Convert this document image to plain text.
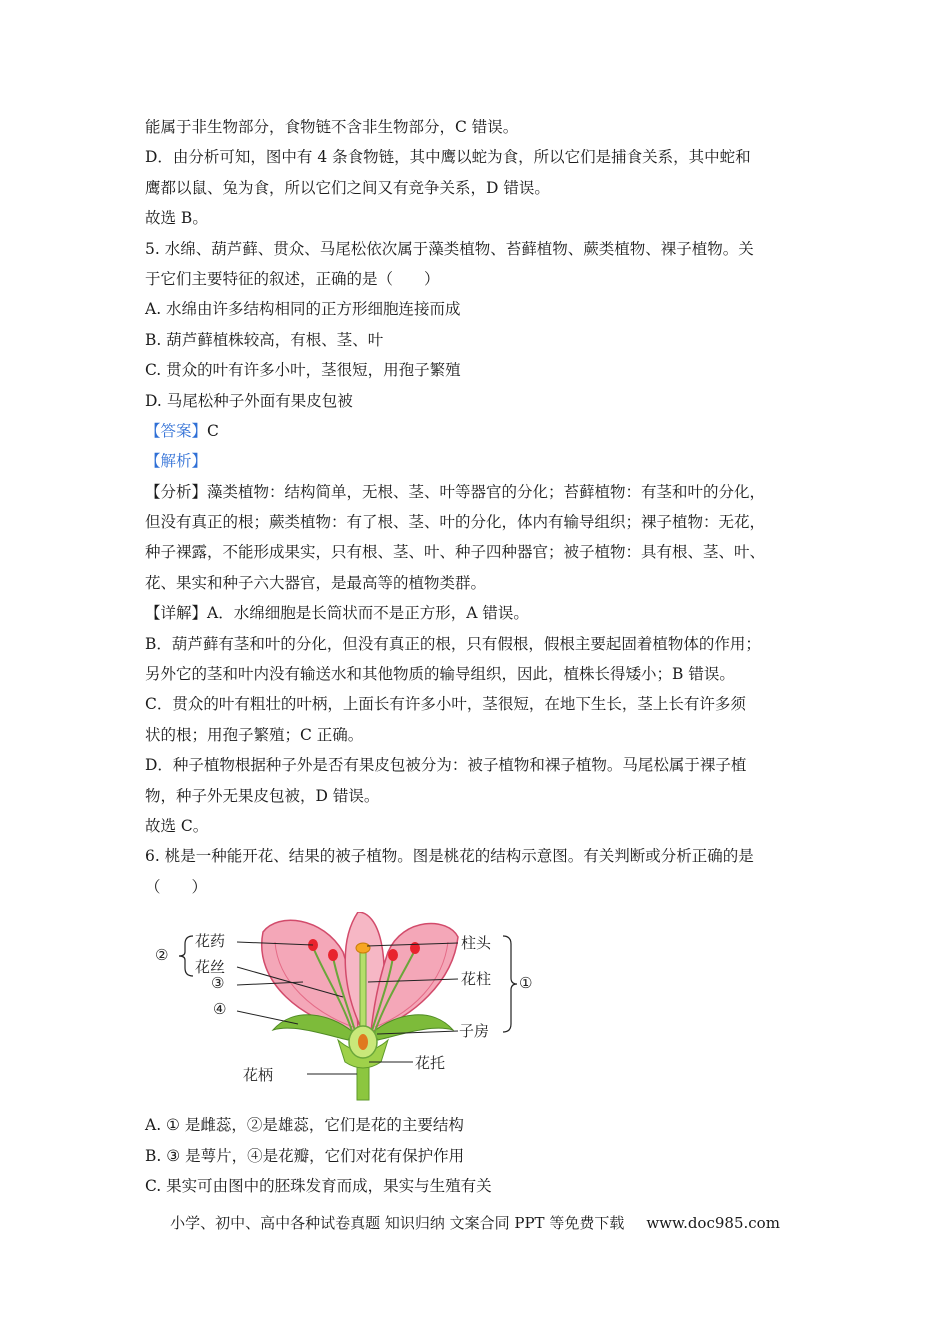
能属于非生物部分，食物链不含非生物部分，C 错误。
D．由分析可知，图中有 4 条食物链，其中鹰以蛇为食，所以它们是捕食关系，其中蛇和
鹰都以鼠、兔为食，所以它们之间又有竞争关系，D 错误。
故选 B。
5. 水绵、葫芦藓、贯众、马尾松依次属于藻类植物、苔藓植物、蕨类植物、裸子植物。关
于它们主要特征的叙述，正确的是（　　）
A. 水绵由许多结构相同的正方形细胞连接而成
B. 葫芦藓植株较高，有根、茎、叶
C. 贯众的叶有许多小叶，茎很短，用孢子繁殖
D. 马尾松种子外面有果皮包被
【答案】C
【解析】
【分析】藻类植物：结构简单，无根、茎、叶等器官的分化；苔藓植物：有茎和叶的分化，
但没有真正的根；蕨类植物：有了根、茎、叶的分化，体内有输导组织；裸子植物：无花，
种子裸露，不能形成果实，只有根、茎、叶、种子四种器官；被子植物：具有根、茎、叶、
花、果实和种子六大器官，是最高等的植物类群。
【详解】A．水绵细胞是长筒状而不是正方形，A 错误。
B．葫芦藓有茎和叶的分化，但没有真正的根，只有假根，假根主要起固着植物体的作用；
另外它的茎和叶内没有输送水和其他物质的输导组织，因此，植株长得矮小；B 错误。
C．贯众的叶有粗壮的叶柄，上面长有许多小叶，茎很短，在地下生长，茎上长有许多须
状的根；用孢子繁殖；C 正确。
D．种子植物根据种子外是否有果皮包被分为：被子植物和裸子植物。马尾松属于裸子植
物，种子外无果皮包被，D 错误。
故选 C。
6. 桃是一种能开花、结果的被子植物。图是桃花的结构示意图。有关判断或分析正确的是
（　　）
②
花药
花丝
③
④
花柄
柱头
花柱
子房
花托
①
A. ① 是雌蕊，②是雄蕊，它们是花的主要结构
B. ③ 是萼片，④是花瓣，它们对花有保护作用
C. 果实可由图中的胚珠发育而成，果实与生殖有关
小学、初中、高中各种试卷真题 知识归纳 文案合同 PPT 等免费下载 www.doc985.com
